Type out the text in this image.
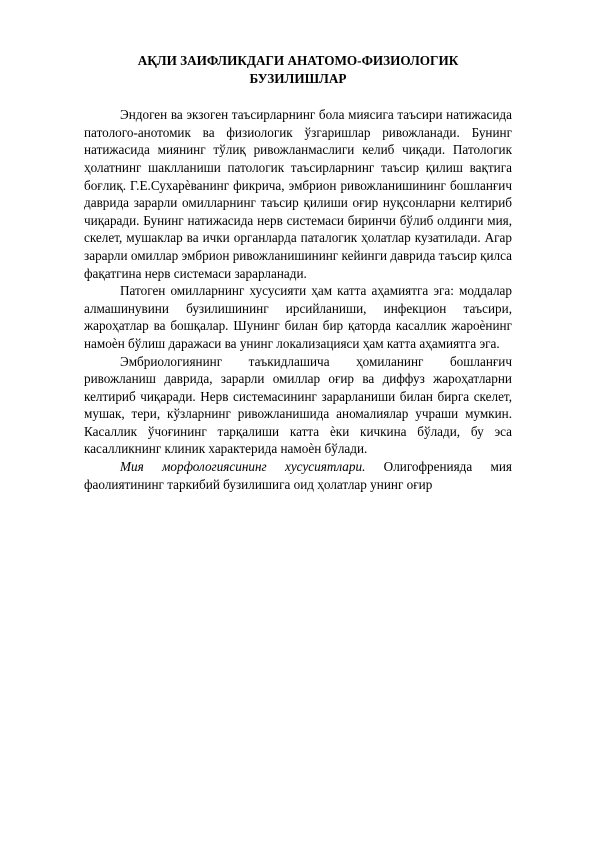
АҚЛИ ЗАИФЛИКДАГИ АНАТОМО-ФИЗИОЛОГИК
БУЗИЛИШЛАР

Эндоген ва экзоген таъсирларнинг бола миясига таъсири натижасида патолого-анотомик ва физиологик ўзгаришлар ривожланади. Бунинг натижасида миянинг тўлиқ ривожланмаслиги келиб чиқади. Патологик ҳолатнинг шаклланиши патологик таъсирларнинг таъсир қилиш вақтига боғлиқ. Г.Е.Сухарѐванинг фикрича, эмбрион ривожланишининг бошланғич даврида зарарли омилларнинг таъсир қилиши оғир нуқсонларни келтириб чиқаради. Бунинг натижасида нерв системаси биринчи бўлиб олдинги мия, скелет, мушаклар ва ички органларда паталогик ҳолатлар кузатилади. Агар зарарли омиллар эмбрион ривожланишининг кейинги даврида таъсир қилса фақатгина нерв системаси зарарланади.

Патоген омилларнинг хусусияти ҳам катта аҳамиятга эга: моддалар алмашинувини бузилишининг ирсийланиши, инфекцион таъсири, жароҳатлар ва бошқалар. Шунинг билан бир қаторда касаллик жароѐнинг намоѐн бўлиш даражаси ва унинг локализацияси ҳам катта аҳамиятга эга.

Эмбриологиянинг таъкидлашича ҳомиланинг бошланғич ривожланиш даврида, зарарли омиллар оғир ва диффуз жароҳатларни келтириб чиқаради. Нерв системасининг зарарланиши билан бирга скелет, мушак, тери, кўзларнинг ривожланишида аномалиялар учраши мумкин. Касаллик ўчоғининг тарқалиши катта ѐки кичкина бўлади, бу эса касалликнинг клиник характерида намоѐн бўлади.

Мия морфологиясининг хусусиятлари. Олигофренияда мия фаолиятининг таркибий бузилишига оид ҳолатлар унинг оғир
